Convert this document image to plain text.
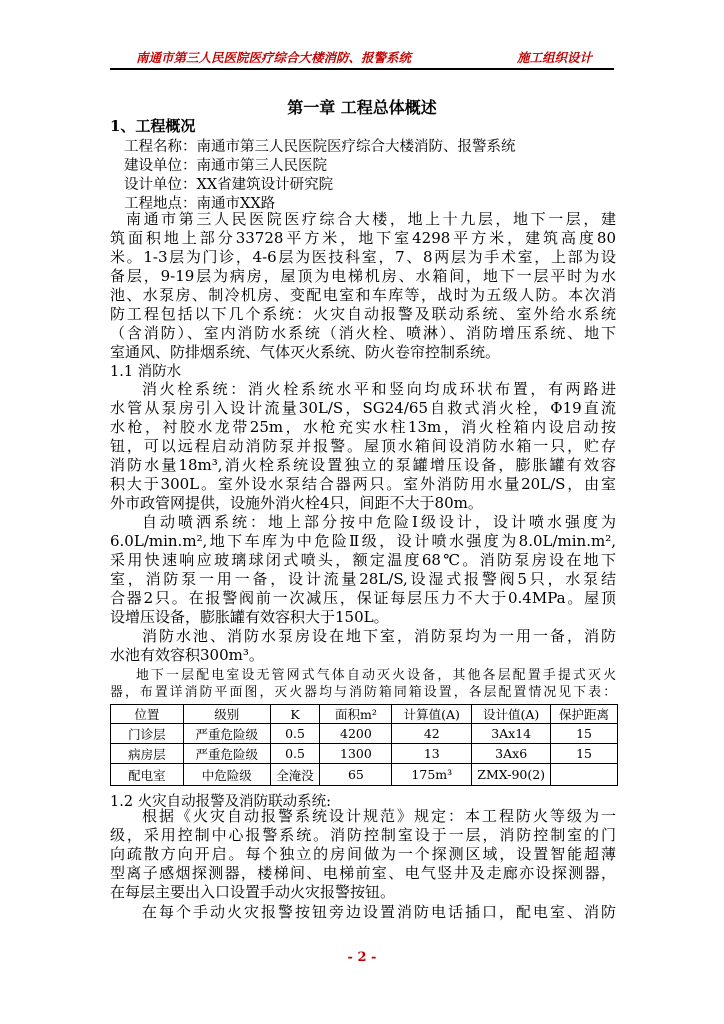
南通市第三人民医院医疗综合大楼消防、报警系统	施工组织设计
第一章 工程总体概述
1、工程概况
工程名称：南通市第三人民医院医疗综合大楼消防、报警系统
建设单位：南通市第三人民医院
设计单位：XX省建筑设计研究院
工程地点：南通市XX路

南通市第三人民医院医疗综合大楼，地上十九层，地下一层，建

筑面积地上部分33728平方米，地下室4298平方米，建筑高度80

米。1-3层为门诊，4-6层为医技科室，7、8两层为手术室，上部为设

备层，9-19层为病房，屋顶为电梯机房、水箱间，地下一层平时为水

池、水泵房、制冷机房、变配电室和车库等，战时为五级人防。本次消

防工程包括以下几个系统：火灾自动报警及联动系统、室外给水系统

（含消防）、室内消防水系统（消火栓、喷淋）、消防增压系统、地下

室通风、防排烟系统、气体灭火系统、防火卷帘控制系统。

1.1 消防水

消火栓系统：消火栓系统水平和竖向均成环状布置，有两路进

水管从泵房引入设计流量30L/S，SG24/65自救式消火栓，Φ19直流

水枪，衬胶水龙带25m，水枪充实水柱13m，消火栓箱内设启动按

钮，可以远程启动消防泵并报警。屋顶水箱间设消防水箱一只，贮存

消防水量18m³,消火栓系统设置独立的泵罐增压设备，膨胀罐有效容

积大于300L。室外设水泵结合器两只。室外消防用水量20L/S，由室

外市政管网提供，设施外消火栓4只，间距不大于80m。

自动喷洒系统：地上部分按中危险Ⅰ级设计，设计喷水强度为

6.0L/min.m²,地下车库为中危险Ⅱ级，设计喷水强度为8.0L/min.m²,

采用快速响应玻璃球闭式喷头，额定温度68℃。消防泵房设在地下

室，消防泵一用一备，设计流量28L/S,设湿式报警阀5只，水泵结

合器2只。在报警阀前一次减压，保证每层压力不大于0.4MPa。屋顶

设增压设备，膨胀罐有效容积大于150L。

消防水池、消防水泵房设在地下室，消防泵均为一用一备，消防

水池有效容积300m³。

地下一层配电室设无管网式气体自动灭火设备，其他各层配置手提式灭火

器，布置详消防平面图，灭火器均与消防箱同箱设置，各层配置情况见下表：

位置	级别	K	面积m²	计算值(A)	设计值(A)	保护距离
门诊层	严重危险级	0.5	4200	42	3Ax14	15
病房层	严重危险级	0.5	1300	13	3Ax6	15
配电室	中危险级	全淹没	65	175m³	ZMX-90(2)	
1.2 火灾自动报警及消防联动系统:

根据《火灾自动报警系统设计规范》规定：本工程防火等级为一

级，采用控制中心报警系统。消防控制室设于一层，消防控制室的门

向疏散方向开启。每个独立的房间做为一个探测区域，设置智能超薄

型离子感烟探测器，楼梯间、电梯前室、电气竖井及走廊亦设探测器，

在每层主要出入口设置手动火灾报警按钮。

在每个手动火灾报警按钮旁边设置消防电话插口，配电室、消防

- 2 -
